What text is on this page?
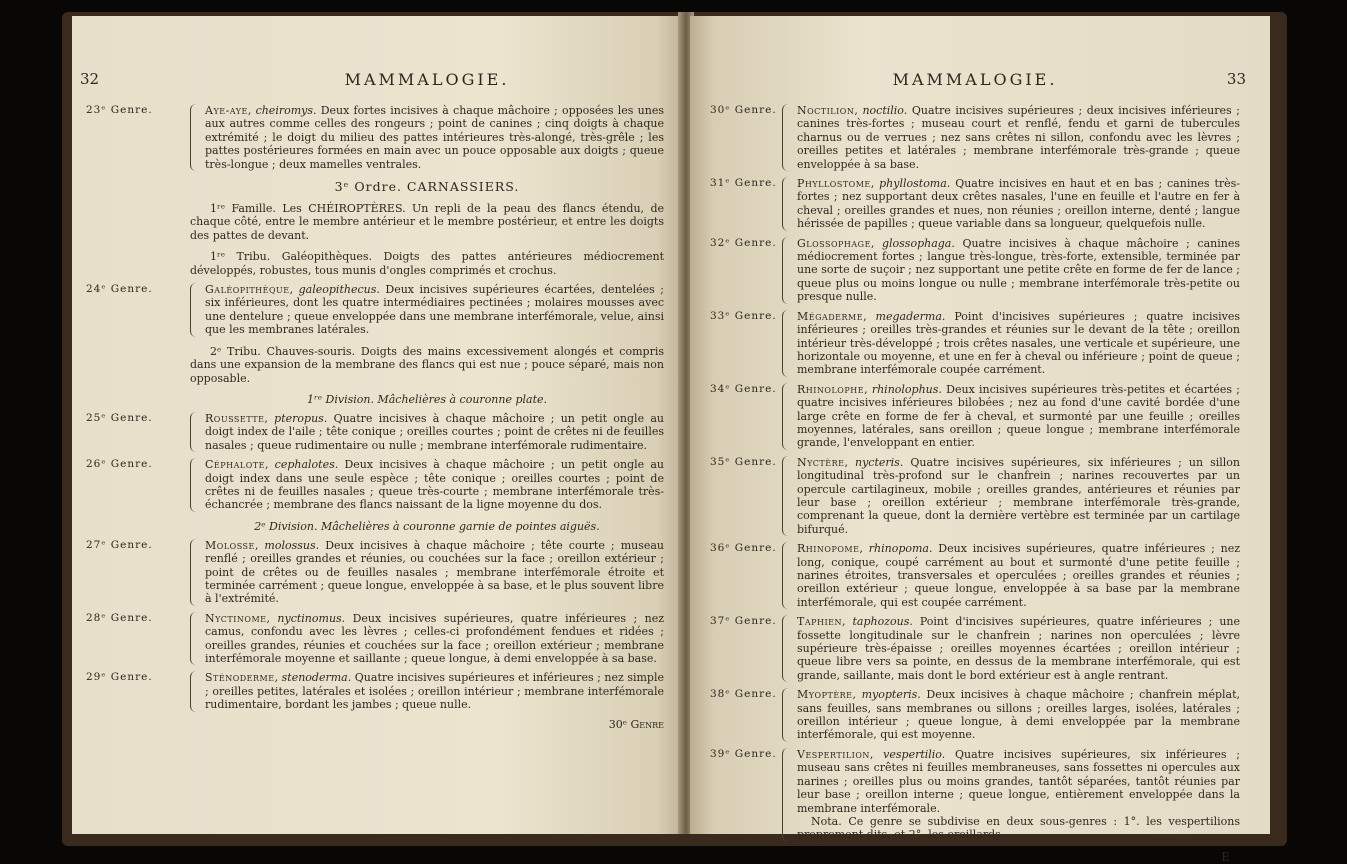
32	MAMMALOGIE.
23ᵉ Genre.	Aye-aye, cheiromys. Deux fortes incisives à chaque mâchoire ; opposées les unes aux autres comme celles des rongeurs ; point de canines ; cinq doigts à chaque extrémité ; le doigt du milieu des pattes intérieures très-alongé, très-grêle ; les pattes postérieures formées en main avec un pouce opposable aux doigts ; queue très-longue ; deux mamelles ventrales.
3ᵉ Ordre. CARNASSIERS.
1ʳᵉ Famille. Les CHÉIROPTÈRES. Un repli de la peau des flancs étendu, de chaque côté, entre le membre antérieur et le membre postérieur, et entre les doigts des pattes de devant.
1ʳᵉ Tribu. Galéopithèques. Doigts des pattes antérieures médiocrement développés, robustes, tous munis d'ongles comprimés et crochus.
24ᵉ Genre.	Galéopithèque, galeopithecus. Deux incisives supérieures écartées, dentelées ; six inférieures, dont les quatre intermédiaires pectinées ; molaires mousses avec une dentelure ; queue enveloppée dans une membrane interfémorale, velue, ainsi que les membranes latérales.
2ᵉ Tribu. Chauves-souris. Doigts des mains excessivement alongés et compris dans une expansion de la membrane des flancs qui est nue ; pouce séparé, mais non opposable.
1ʳᵉ Division. Mâchelières à couronne plate.
25ᵉ Genre.	Roussette, pteropus. Quatre incisives à chaque mâchoire ; un petit ongle au doigt index de l'aile ; tête conique ; oreilles courtes ; point de crêtes ni de feuilles nasales ; queue rudimentaire ou nulle ; membrane interfémorale rudimentaire.
26ᵉ Genre.	Céphalote, cephalotes. Deux incisives à chaque mâchoire ; un petit ongle au doigt index dans une seule espèce ; tête conique ; oreilles courtes ; point de crêtes ni de feuilles nasales ; queue très-courte ; membrane interfémorale très-échancrée ; membrane des flancs naissant de la ligne moyenne du dos.
2ᵉ Division. Mâchelières à couronne garnie de pointes aiguës.
27ᵉ Genre.	Molosse, molossus. Deux incisives à chaque mâchoire ; tête courte ; museau renflé ; oreilles grandes et réunies, ou couchées sur la face ; oreillon extérieur ; point de crêtes ou de feuilles nasales ; membrane interfémorale étroite et terminée carrément ; queue longue, enveloppée à sa base, et le plus souvent libre à l'extrémité.
28ᵉ Genre.	Nyctinome, nyctinomus. Deux incisives supérieures, quatre inférieures ; nez camus, confondu avec les lèvres ; celles-ci profondément fendues et ridées ; oreilles grandes, réunies et couchées sur la face ; oreillon extérieur ; membrane interfémorale moyenne et saillante ; queue longue, à demi enveloppée à sa base.
29ᵉ Genre.	Sténoderme, stenoderma. Quatre incisives supérieures et inférieures ; nez simple ; oreilles petites, latérales et isolées ; oreillon intérieur ; membrane interfémorale rudimentaire, bordant les jambes ; queue nulle.
30ᵉ Genre
MAMMALOGIE.	33
30ᵉ Genre.	Noctilion, noctilio. Quatre incisives supérieures ; deux incisives inférieures ; canines très-fortes ; museau court et renflé, fendu et garni de tubercules charnus ou de verrues ; nez sans crêtes ni sillon, confondu avec les lèvres ; oreilles petites et latérales ; membrane interfémorale très-grande ; queue enveloppée à sa base.
31ᵉ Genre.	Phyllostome, phyllostoma. Quatre incisives en haut et en bas ; canines très-fortes ; nez supportant deux crêtes nasales, l'une en feuille et l'autre en fer à cheval ; oreilles grandes et nues, non réunies ; oreillon interne, denté ; langue hérissée de papilles ; queue variable dans sa longueur, quelquefois nulle.
32ᵉ Genre.	Glossophage, glossophaga. Quatre incisives à chaque mâchoire ; canines médiocrement fortes ; langue très-longue, très-forte, extensible, terminée par une sorte de suçoir ; nez supportant une petite crête en forme de fer de lance ; queue plus ou moins longue ou nulle ; membrane interfémorale très-petite ou presque nulle.
33ᵉ Genre.	Mégaderme, megaderma. Point d'incisives supérieures ; quatre incisives inférieures ; oreilles très-grandes et réunies sur le devant de la tête ; oreillon intérieur très-développé ; trois crêtes nasales, une verticale et supérieure, une horizontale ou moyenne, et une en fer à cheval ou inférieure ; point de queue ; membrane interfémorale coupée carrément.
34ᵉ Genre.	Rhinolophe, rhinolophus. Deux incisives supérieures très-petites et écartées ; quatre incisives inférieures bilobées ; nez au fond d'une cavité bordée d'une large crête en forme de fer à cheval, et surmonté par une feuille ; oreilles moyennes, latérales, sans oreillon ; queue longue ; membrane interfémorale grande, l'enveloppant en entier.
35ᵉ Genre.	Nyctère, nycteris. Quatre incisives supérieures, six inférieures ; un sillon longitudinal très-profond sur le chanfrein ; narines recouvertes par un opercule cartilagineux, mobile ; oreilles grandes, antérieures et réunies par leur base ; oreillon extérieur ; membrane interfémorale très-grande, comprenant la queue, dont la dernière vertèbre est terminée par un cartilage bifurqué.
36ᵉ Genre.	Rhinopome, rhinopoma. Deux incisives supérieures, quatre inférieures ; nez long, conique, coupé carrément au bout et surmonté d'une petite feuille ; narines étroites, transversales et operculées ; oreilles grandes et réunies ; oreillon extérieur ; queue longue, enveloppée à sa base par la membrane interfémorale, qui est coupée carrément.
37ᵉ Genre.	Taphien, taphozous. Point d'incisives supérieures, quatre inférieures ; une fossette longitudinale sur le chanfrein ; narines non operculées ; lèvre supérieure très-épaisse ; oreilles moyennes écartées ; oreillon intérieur ; queue libre vers sa pointe, en dessus de la membrane interfémorale, qui est grande, saillante, mais dont le bord extérieur est à angle rentrant.
38ᵉ Genre.	Myoptère, myopteris. Deux incisives à chaque mâchoire ; chanfrein méplat, sans feuilles, sans membranes ou sillons ; oreilles larges, isolées, latérales ; oreillon intérieur ; queue longue, à demi enveloppée par la membrane interfémorale, qui est moyenne.
39ᵉ Genre.	Vespertilion, vespertilio. Quatre incisives supérieures, six inférieures ; museau sans crêtes ni feuilles membraneuses, sans fossettes ni opercules aux narines ; oreilles plus ou moins grandes, tantôt séparées, tantôt réunies par leur base ; oreillon interne ; queue longue, entièrement enveloppée dans la membrane interfémorale.
Nota. Ce genre se subdivise en deux sous-genres : 1°. les vespertilions proprement dits, et 2°. les oreillards.
E
